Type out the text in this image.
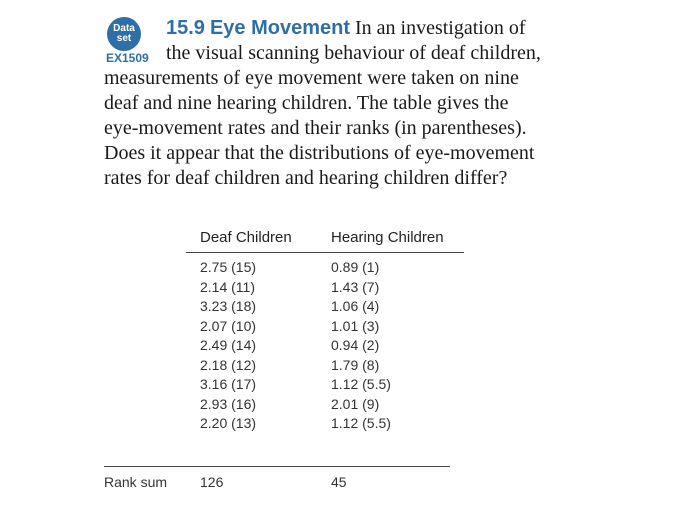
Data
set
EX1509

15.9 Eye Movement In an investigation of
the visual scanning behaviour of deaf children,
measurements of eye movement were taken on nine
deaf and nine hearing children. The table gives the
eye-movement rates and their ranks (in parentheses).
Does it appear that the distributions of eye-movement
rates for deaf children and hearing children differ?

Deaf Children	Hearing Children
2.75 (15)
2.14 (11)
3.23 (18)
2.07 (10)
2.49 (14)
2.18 (12)
3.16 (17)
2.93 (16)
2.20 (13)
0.89 (1)
1.43 (7)
1.06 (4)
1.01 (3)
0.94 (2)
1.79 (8)
1.12 (5.5)
2.01 (9)
1.12 (5.5)
Rank sum 126	45
